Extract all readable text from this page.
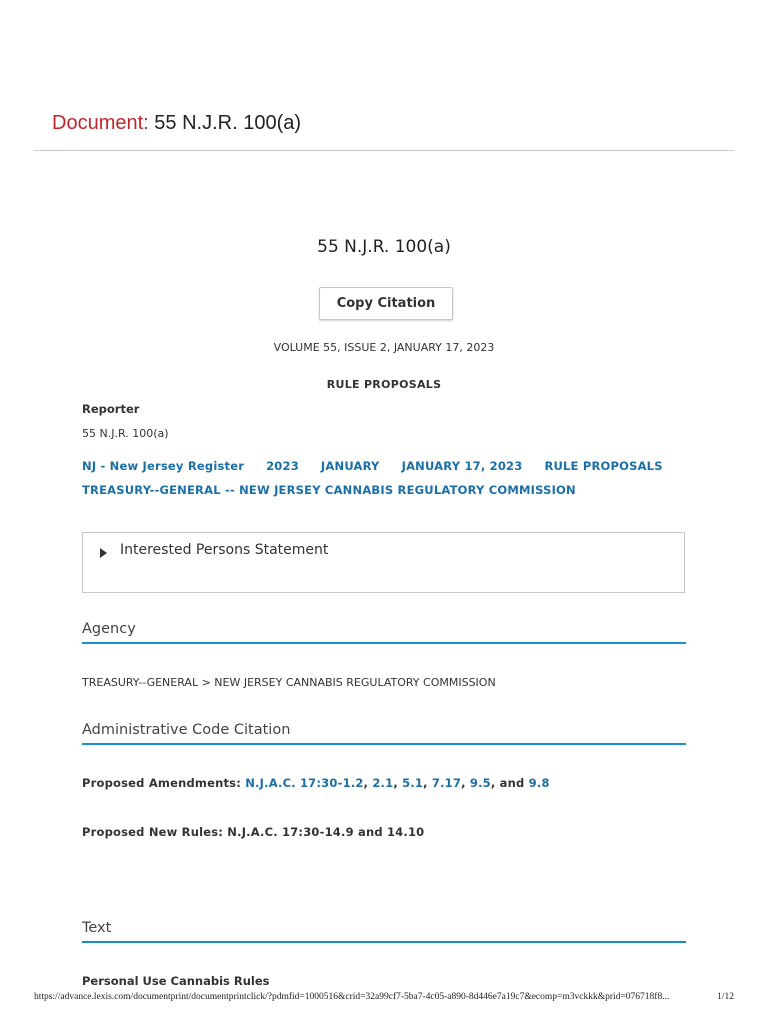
Document: 55 N.J.R. 100(a)
55 N.J.R. 100(a)
Copy Citation
VOLUME 55, ISSUE 2, JANUARY 17, 2023
RULE PROPOSALS
Reporter
55 N.J.R. 100(a)
NJ - New Jersey Register 2023 JANUARY JANUARY 17, 2023 RULE PROPOSALS TREASURY--GENERAL -- NEW JERSEY CANNABIS REGULATORY COMMISSION
Interested Persons Statement
Agency
TREASURY--GENERAL > NEW JERSEY CANNABIS REGULATORY COMMISSION
Administrative Code Citation
Proposed Amendments: N.J.A.C. 17:30-1.2, 2.1, 5.1, 7.17, 9.5, and 9.8
Proposed New Rules: N.J.A.C. 17:30-14.9 and 14.10
Text
Personal Use Cannabis Rules
https://advance.lexis.com/documentprint/documentprintclick/?pdmfid=1000516&crid=32a99cf7-5ba7-4c05-a890-8d446e7a19c7&ecomp=m3vckkk&prid=076718f8...	1/12
